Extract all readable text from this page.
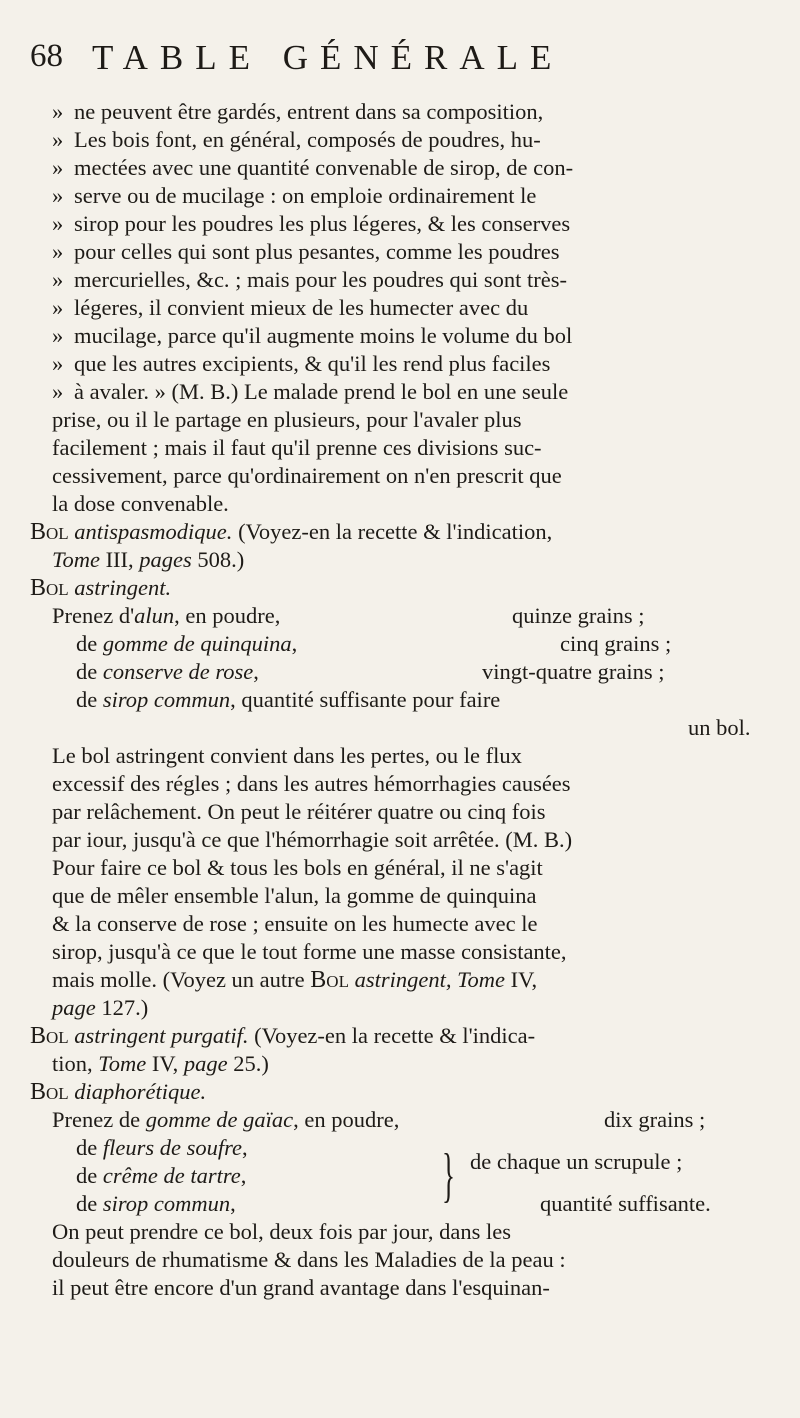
68 TABLE GÉNÉRALE
» ne peuvent être gardés, entrent dans sa composition,
» Les bois font, en général, composés de poudres, hu-
» mectées avec une quantité convenable de sirop, de con-
» serve ou de mucilage : on emploie ordinairement le
» sirop pour les poudres les plus légeres, & les conserves
» pour celles qui sont plus pesantes, comme les poudres
» mercurielles, &c. ; mais pour les poudres qui sont très-
» légeres, il convient mieux de les humecter avec du
» mucilage, parce qu'il augmente moins le volume du bol
» que les autres excipients, & qu'il les rend plus faciles
» à avaler. » (M. B.) Le malade prend le bol en une seule
prise, ou il le partage en plusieurs, pour l'avaler plus
facilement ; mais il faut qu'il prenne ces divisions suc-
cessivement, parce qu'ordinairement on n'en prescrit que
la dose convenable.
Bol antispasmodique. (Voyez-en la recette & l'indication,
Tome III, pages 508.)
Bol astringent.
Prenez d'alun, en poudre,	quinze grains ;
de gomme de quinquina,	cinq grains ;
de conserve de rose,	vingt-quatre grains ;
de sirop commun, quantité suffisante pour faire
un bol.
Le bol astringent convient dans les pertes, ou le flux
excessif des régles ; dans les autres hémorrhagies causées
par relâchement. On peut le réitérer quatre ou cinq fois
par iour, jusqu'à ce que l'hémorrhagie soit arrêtée. (M. B.)
Pour faire ce bol & tous les bols en général, il ne s'agit
que de mêler ensemble l'alun, la gomme de quinquina
& la conserve de rose ; ensuite on les humecte avec le
sirop, jusqu'à ce que le tout forme une masse consistante,
mais molle. (Voyez un autre Bol astringent, Tome IV,
page 127.)
Bol astringent purgatif. (Voyez-en la recette & l'indica-
tion, Tome IV, page 25.)
Bol diaphorétique.
Prenez de gomme de gaïac, en poudre,	dix grains ;
de fleurs de soufre,
de crême de tartre,	} de chaque un scrupule ;
de sirop commun,	quantité suffisante.
On peut prendre ce bol, deux fois par jour, dans les
douleurs de rhumatisme & dans les Maladies de la peau :
il peut être encore d'un grand avantage dans l'esquinan-
